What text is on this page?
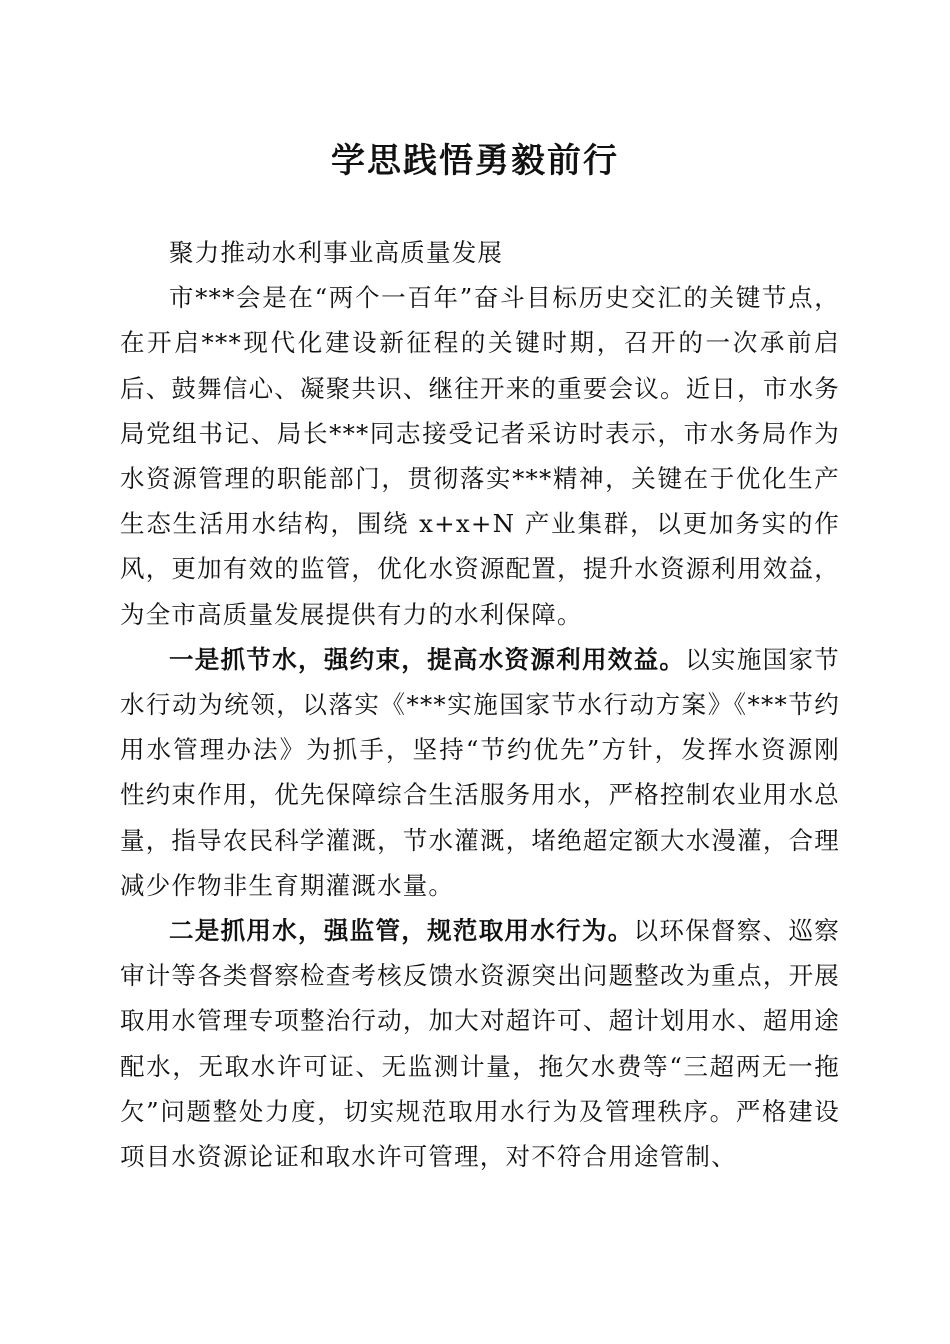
学思践悟勇毅前行

聚力推动水利事业高质量发展

市***会是在“两个一百年”奋斗目标历史交汇的关键节点，在开启***现代化建设新征程的关键时期，召开的一次承前启后、鼓舞信心、凝聚共识、继往开来的重要会议。近日，市水务局党组书记、局长***同志接受记者采访时表示，市水务局作为水资源管理的职能部门，贯彻落实***精神，关键在于优化生产生态生活用水结构，围绕 x+x+N 产业集群，以更加务实的作风，更加有效的监管，优化水资源配置，提升水资源利用效益，为全市高质量发展提供有力的水利保障。

一是抓节水，强约束，提高水资源利用效益。以实施国家节水行动为统领，以落实《***实施国家节水行动方案》《***节约用水管理办法》为抓手，坚持“节约优先”方针，发挥水资源刚性约束作用，优先保障综合生活服务用水，严格控制农业用水总量，指导农民科学灌溉，节水灌溉，堵绝超定额大水漫灌，合理减少作物非生育期灌溉水量。

二是抓用水，强监管，规范取用水行为。以环保督察、巡察审计等各类督察检查考核反馈水资源突出问题整改为重点，开展取用水管理专项整治行动，加大对超许可、超计划用水、超用途配水，无取水许可证、无监测计量，拖欠水费等“三超两无一拖欠”问题整处力度，切实规范取用水行为及管理秩序。严格建设项目水资源论证和取水许可管理，对不符合用途管制、
